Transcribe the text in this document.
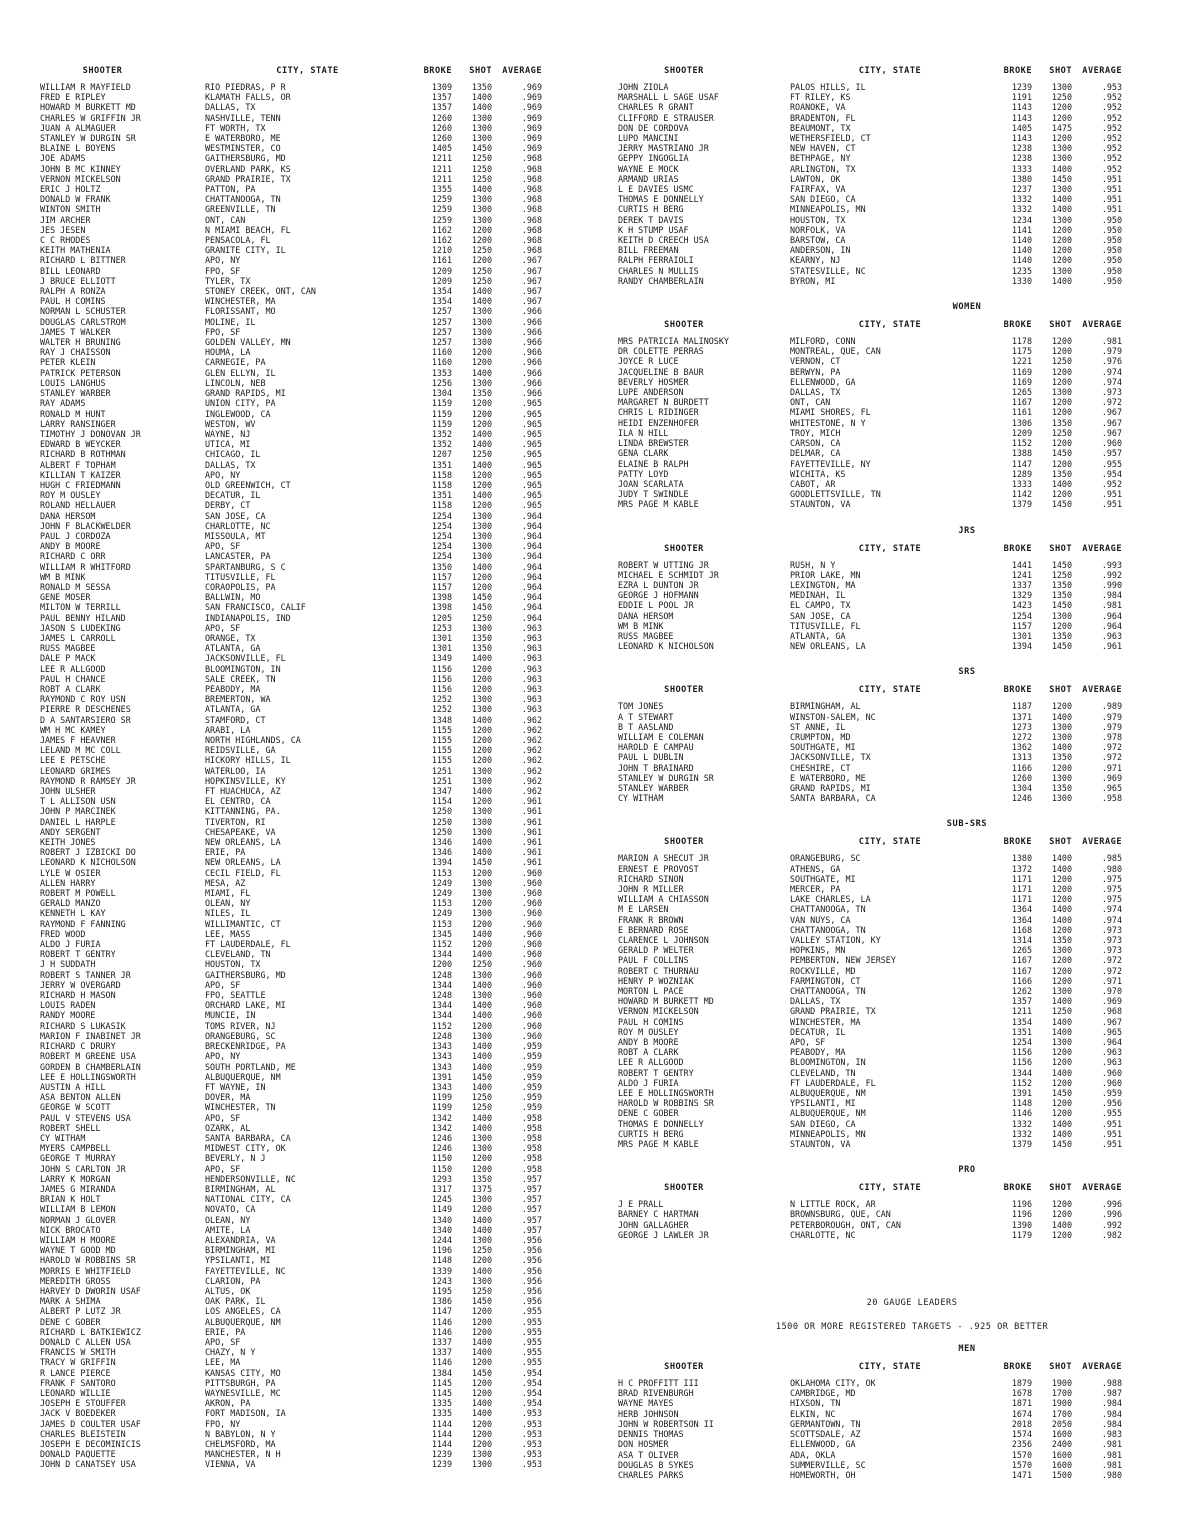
SHOOTER	CITY, STATE	BROKE	SHOT	AVERAGE
WILLIAM R MAYFIELD	RIO PIEDRAS, P R	1309	1350	.969
FRED E RIPLEY	KLAMATH FALLS, OR	1357	1400	.969
HOWARD M BURKETT MD	DALLAS, TX	1357	1400	.969
CHARLES W GRIFFIN JR	NASHVILLE, TENN	1260	1300	.969
JUAN A ALMAGUER	FT WORTH, TX	1260	1300	.969
STANLEY W DURGIN SR	E WATERBORO, ME	1260	1300	.969
BLAINE L BOYENS	WESTMINSTER, CO	1405	1450	.969
JOE ADAMS	GAITHERSBURG, MD	1211	1250	.968
JOHN B MC KINNEY	OVERLAND PARK, KS	1211	1250	.968
VERNON MICKELSON	GRAND PRAIRIE, TX	1211	1250	.968
ERIC J HOLTZ	PATTON, PA	1355	1400	.968
DONALD W FRANK	CHATTANOOGA, TN	1259	1300	.968
WINTON SMITH	GREENVILLE, TN	1259	1300	.968
JIM ARCHER	ONT, CAN	1259	1300	.968
JES JESEN	N MIAMI BEACH, FL	1162	1200	.968
C C RHODES	PENSACOLA, FL	1162	1200	.968
KEITH MATHENIA	GRANITE CITY, IL	1210	1250	.968
RICHARD L BITTNER	APO, NY	1161	1200	.967
BILL LEONARD	FPO, SF	1209	1250	.967
J BRUCE ELLIOTT	TYLER, TX	1209	1250	.967
RALPH A RONZA	STONEY CREEK, ONT, CAN	1354	1400	.967
PAUL H COMINS	WINCHESTER, MA	1354	1400	.967
NORMAN L SCHUSTER	FLORISSANT, MO	1257	1300	.966
DOUGLAS CARLSTROM	MOLINE, IL	1257	1300	.966
JAMES T WALKER	FPO, SF	1257	1300	.966
WALTER H BRUNING	GOLDEN VALLEY, MN	1257	1300	.966
RAY J CHAISSON	HOUMA, LA	1160	1200	.966
PETER KLEIN	CARNEGIE, PA	1160	1200	.966
PATRICK PETERSON	GLEN ELLYN, IL	1353	1400	.966
LOUIS LANGHUS	LINCOLN, NEB	1256	1300	.966
STANLEY WARBER	GRAND RAPIDS, MI	1304	1350	.966
RAY ADAMS	UNION CITY, PA	1159	1200	.965
RONALD M HUNT	INGLEWOOD, CA	1159	1200	.965
LARRY RANSINGER	WESTON, WV	1159	1200	.965
TIMOTHY J DONOVAN JR	WAYNE, NJ	1352	1400	.965
EDWARD B WEYCKER	UTICA, MI	1352	1400	.965
RICHARD B ROTHMAN	CHICAGO, IL	1207	1250	.965
ALBERT F TOPHAM	DALLAS, TX	1351	1400	.965
KILLIAN T KAIZER	APO, NY	1158	1200	.965
HUGH C FRIEDMANN	OLD GREENWICH, CT	1158	1200	.965
ROY M OUSLEY	DECATUR, IL	1351	1400	.965
ROLAND HELLAUER	DERBY, CT	1158	1200	.965
DANA HERSOM	SAN JOSE, CA	1254	1300	.964
JOHN F BLACKWELDER	CHARLOTTE, NC	1254	1300	.964
PAUL J CORDOZA	MISSOULA, MT	1254	1300	.964
ANDY B MOORE	APO, SF	1254	1300	.964
RICHARD C ORR	LANCASTER, PA	1254	1300	.964
WILLIAM R WHITFORD	SPARTANBURG, S C	1350	1400	.964
WM B MINK	TITUSVILLE, FL	1157	1200	.964
RONALD M SESSA	CORAOPOLIS, PA	1157	1200	.964
GENE MOSER	BALLWIN, MO	1398	1450	.964
MILTON W TERRILL	SAN FRANCISCO, CALIF	1398	1450	.964
PAUL BENNY HILAND	INDIANAPOLIS, IND	1205	1250	.964
JASON S LUDEKING	APO, SF	1253	1300	.963
JAMES L CARROLL	ORANGE, TX	1301	1350	.963
RUSS MAGBEE	ATLANTA, GA	1301	1350	.963
DALE P MACK	JACKSONVILLE, FL	1349	1400	.963
LEE R ALLGOOD	BLOOMINGTON, IN	1156	1200	.963
PAUL H CHANCE	SALE CREEK, TN	1156	1200	.963
ROBT A CLARK	PEABODY, MA	1156	1200	.963
RAYMOND C ROY USN	BREMERTON, WA	1252	1300	.963
PIERRE R DESCHENES	ATLANTA, GA	1252	1300	.963
D A SANTARSIERO SR	STAMFORD, CT	1348	1400	.962
WM H MC KAMEY	ARABI, LA	1155	1200	.962
JAMES F HEAVNER	NORTH HIGHLANDS, CA	1155	1200	.962
LELAND M MC COLL	REIDSVILLE, GA	1155	1200	.962
LEE E PETSCHE	HICKORY HILLS, IL	1155	1200	.962
LEONARD GRIMES	WATERLOO, IA	1251	1300	.962
RAYMOND R RAMSEY JR	HOPKINSVILLE, KY	1251	1300	.962
JOHN ULSHER	FT HUACHUCA, AZ	1347	1400	.962
T L ALLISON USN	EL CENTRO, CA	1154	1200	.961
JOHN P MARCINEK	KITTANNING, PA.	1250	1300	.961
DANIEL L HARPLE	TIVERTON, RI	1250	1300	.961
ANDY SERGENT	CHESAPEAKE, VA	1250	1300	.961
KEITH JONES	NEW ORLEANS, LA	1346	1400	.961
ROBERT J IZBICKI DO	ERIE, PA	1346	1400	.961
LEONARD K NICHOLSON	NEW ORLEANS, LA	1394	1450	.961
LYLE W OSIER	CECIL FIELD, FL	1153	1200	.960
ALLEN HARRY	MESA, AZ	1249	1300	.960
ROBERT M POWELL	MIAMI, FL	1249	1300	.960
GERALD MANZO	OLEAN, NY	1153	1200	.960
KENNETH L KAY	NILES, IL	1249	1300	.960
RAYMOND F FANNING	WILLIMANTIC, CT	1153	1200	.960
FRED WOOD	LEE, MASS	1345	1400	.960
ALDO J FURIA	FT LAUDERDALE, FL	1152	1200	.960
ROBERT T GENTRY	CLEVELAND, TN	1344	1400	.960
J H SUDDATH	HOUSTON, TX	1200	1250	.960
ROBERT S TANNER JR	GAITHERSBURG, MD	1248	1300	.960
JERRY W OVERGARD	APO, SF	1344	1400	.960
RICHARD H MASON	FPO, SEATTLE	1248	1300	.960
LOUIS RADEN	ORCHARD LAKE, MI	1344	1400	.960
RANDY MOORE	MUNCIE, IN	1344	1400	.960
RICHARD S LUKASIK	TOMS RIVER, NJ	1152	1200	.960
MARION F INABINET JR	ORANGEBURG, SC	1248	1300	.960
RICHARD C DRURY	BRECKENRIDGE, PA	1343	1400	.959
ROBERT M GREENE USA	APO, NY	1343	1400	.959
GORDEN B CHAMBERLAIN	SOUTH PORTLAND, ME	1343	1400	.959
LEE E HOLLINGSWORTH	ALBUQUERQUE, NM	1391	1450	.959
AUSTIN A HILL	FT WAYNE, IN	1343	1400	.959
ASA BENTON ALLEN	DOVER, MA	1199	1250	.959
GEORGE W SCOTT	WINCHESTER, TN	1199	1250	.959
PAUL V STEVENS USA	APO, SF	1342	1400	.958
ROBERT SHELL	OZARK, AL	1342	1400	.958
CY WITHAM	SANTA BARBARA, CA	1246	1300	.958
MYERS CAMPBELL	MIDWEST CITY, OK	1246	1300	.958
GEORGE T MURRAY	BEVERLY, N J	1150	1200	.958
JOHN S CARLTON JR	APO, SF	1150	1200	.958
LARRY K MORGAN	HENDERSONVILLE, NC	1293	1350	.957
JAMES G MIRANDA	BIRMINGHAM, AL	1317	1375	.957
BRIAN K HOLT	NATIONAL CITY, CA	1245	1300	.957
WILLIAM B LEMON	NOVATO, CA	1149	1200	.957
NORMAN J GLOVER	OLEAN, NY	1340	1400	.957
NICK BROCATO	AMITE, LA	1340	1400	.957
WILLIAM H MOORE	ALEXANDRIA, VA	1244	1300	.956
WAYNE T GOOD MD	BIRMINGHAM, MI	1196	1250	.956
HAROLD W ROBBINS SR	YPSILANTI, MI	1148	1200	.956
MORRIS E WHITFIELD	FAYETTEVILLE, NC	1339	1400	.956
MEREDITH GROSS	CLARION, PA	1243	1300	.956
HARVEY D DWORIN USAF	ALTUS, OK	1195	1250	.956
MARK A SHIMA	OAK PARK, IL	1386	1450	.956
ALBERT P LUTZ JR	LOS ANGELES, CA	1147	1200	.955
DENE C GOBER	ALBUQUERQUE, NM	1146	1200	.955
RICHARD L BATKIEWICZ	ERIE, PA	1146	1200	.955
DONALD C ALLEN USA	APO, SF	1337	1400	.955
FRANCIS W SMITH	CHAZY, N Y	1337	1400	.955
TRACY W GRIFFIN	LEE, MA	1146	1200	.955
R LANCE PIERCE	KANSAS CITY, MO	1384	1450	.954
FRANK F SANTORO	PITTSBURGH, PA	1145	1200	.954
LEONARD WILLIE	WAYNESVILLE, MC	1145	1200	.954
JOSEPH E STOUFFER	AKRON, PA	1335	1400	.954
JACK V BOEDEKER	FORT MADISON, IA	1335	1400	.953
JAMES D COULTER USAF	FPO, NY	1144	1200	.953
CHARLES BLEISTEIN	N BABYLON, N Y	1144	1200	.953
JOSEPH E DECOMINICIS	CHELMSFORD, MA	1144	1200	.953
DONALD PAQUETTE	MANCHESTER, N H	1239	1300	.953
JOHN D CANATSEY USA	VIENNA, VA	1239	1300	.953
SHOOTER	CITY, STATE	BROKE	SHOT	AVERAGE
JOHN ZIOLA	PALOS HILLS, IL	1239	1300	.953
MARSHALL L SAGE USAF	FT RILEY, KS	1191	1250	.952
CHARLES R GRANT	ROANOKE, VA	1143	1200	.952
CLIFFORD E STRAUSER	BRADENTON, FL	1143	1200	.952
DON DE CORDOVA	BEAUMONT, TX	1405	1475	.952
LUPO MANCINI	WETHERSFIELD, CT	1143	1200	.952
JERRY MASTRIANO JR	NEW HAVEN, CT	1238	1300	.952
GEPPY INGOGLIA	BETHPAGE, NY	1238	1300	.952
WAYNE E MOCK	ARLINGTON, TX	1333	1400	.952
ARMAND URIAS	LAWTON, OK	1380	1450	.951
L E DAVIES USMC	FAIRFAX, VA	1237	1300	.951
THOMAS E DONNELLY	SAN DIEGO, CA	1332	1400	.951
CURTIS H BERG	MINNEAPOLIS, MN	1332	1400	.951
DEREK T DAVIS	HOUSTON, TX	1234	1300	.950
K H STUMP USAF	NORFOLK, VA	1141	1200	.950
KEITH D CREECH USA	BARSTOW, CA	1140	1200	.950
BILL FREEMAN	ANDERSON, IN	1140	1200	.950
RALPH FERRAIOLI	KEARNY, NJ	1140	1200	.950
CHARLES N MULLIS	STATESVILLE, NC	1235	1300	.950
RANDY CHAMBERLAIN	BYRON, MI	1330	1400	.950
WOMEN
SHOOTER	CITY, STATE	BROKE	SHOT	AVERAGE
MRS PATRICIA MALINOSKY	MILFORD, CONN	1178	1200	.981
DR COLETTE PERRAS	MONTREAL, QUE, CAN	1175	1200	.979
JOYCE R LUCE	VERNON, CT	1221	1250	.976
JACQUELINE B BAUR	BERWYN, PA	1169	1200	.974
BEVERLY HOSMER	ELLENWOOD, GA	1169	1200	.974
LUPE ANDERSON	DALLAS, TX	1265	1300	.973
MARGARET N BURDETT	ONT, CAN	1167	1200	.972
CHRIS L RIDINGER	MIAMI SHORES, FL	1161	1200	.967
HEIDI ENZENHOFER	WHITESTONE, N Y	1306	1350	.967
ILA N HILL	TROY, MICH	1209	1250	.967
LINDA BREWSTER	CARSON, CA	1152	1200	.960
GENA CLARK	DELMAR, CA	1388	1450	.957
ELAINE B RALPH	FAYETTEVILLE, NY	1147	1200	.955
PATTY LOYD	WICHITA, KS	1289	1350	.954
JOAN SCARLATA	CABOT, AR	1333	1400	.952
JUDY T SWINDLE	GOODLETTSVILLE, TN	1142	1200	.951
MRS PAGE M KABLE	STAUNTON, VA	1379	1450	.951
JRS
SHOOTER	CITY, STATE	BROKE	SHOT	AVERAGE
ROBERT W UTTING JR	RUSH, N Y	1441	1450	.993
MICHAEL E SCHMIDT JR	PRIOR LAKE, MN	1241	1250	.992
EZRA L DUNTON JR	LEXINGTON, MA	1337	1350	.990
GEORGE J HOFMANN	MEDINAH, IL	1329	1350	.984
EDDIE L POOL JR	EL CAMPO, TX	1423	1450	.981
DANA HERSOM	SAN JOSE, CA	1254	1300	.964
WM B MINK	TITUSVILLE, FL	1157	1200	.964
RUSS MAGBEE	ATLANTA, GA	1301	1350	.963
LEONARD K NICHOLSON	NEW ORLEANS, LA	1394	1450	.961
SRS
SHOOTER	CITY, STATE	BROKE	SHOT	AVERAGE
TOM JONES	BIRMINGHAM, AL	1187	1200	.989
A T STEWART	WINSTON-SALEM, NC	1371	1400	.979
B T AASLAND	ST ANNE, IL	1273	1300	.979
WILLIAM E COLEMAN	CRUMPTON, MD	1272	1300	.978
HAROLD E CAMPAU	SOUTHGATE, MI	1362	1400	.972
PAUL L DUBLIN	JACKSONVILLE, TX	1313	1350	.972
JOHN T BRAINARD	CHESHIRE, CT	1166	1200	.971
STANLEY W DURGIN SR	E WATERBORO, ME	1260	1300	.969
STANLEY WARBER	GRAND RAPIDS, MI	1304	1350	.965
CY WITHAM	SANTA BARBARA, CA	1246	1300	.958
SUB-SRS
SHOOTER	CITY, STATE	BROKE	SHOT	AVERAGE
MARION A SHECUT JR	ORANGEBURG, SC	1380	1400	.985
ERNEST E PROVOST	ATHENS, GA	1372	1400	.980
RICHARD SINON	SOUTHGATE, MI	1171	1200	.975
JOHN R MILLER	MERCER, PA	1171	1200	.975
WILLIAM A CHIASSON	LAKE CHARLES, LA	1171	1200	.975
M E LARSEN	CHATTANOOGA, TN	1364	1400	.974
FRANK R BROWN	VAN NUYS, CA	1364	1400	.974
E BERNARD ROSE	CHATTANOOGA, TN	1168	1200	.973
CLARENCE L JOHNSON	VALLEY STATION, KY	1314	1350	.973
GERALD P WELTER	HOPKINS, MN	1265	1300	.973
PAUL F COLLINS	PEMBERTON, NEW JERSEY	1167	1200	.972
ROBERT C THURNAU	ROCKVILLE, MD	1167	1200	.972
HENRY P WOZNIAK	FARMINGTON, CT	1166	1200	.971
MORTON L PACE	CHATTANOOGA, TN	1262	1300	.970
HOWARD M BURKETT MD	DALLAS, TX	1357	1400	.969
VERNON MICKELSON	GRAND PRAIRIE, TX	1211	1250	.968
PAUL H COMINS	WINCHESTER, MA	1354	1400	.967
ROY M OUSLEY	DECATUR, IL	1351	1400	.965
ANDY B MOORE	APO, SF	1254	1300	.964
ROBT A CLARK	PEABODY, MA	1156	1200	.963
LEE R ALLGOOD	BLOOMINGTON, IN	1156	1200	.963
ROBERT T GENTRY	CLEVELAND, TN	1344	1400	.960
ALDO J FURIA	FT LAUDERDALE, FL	1152	1200	.960
LEE E HOLLINGSWORTH	ALBUQUERQUE, NM	1391	1450	.959
HAROLD W ROBBINS SR	YPSILANTI, MI	1148	1200	.956
DENE C GOBER	ALBUQUERQUE, NM	1146	1200	.955
THOMAS E DONNELLY	SAN DIEGO, CA	1332	1400	.951
CURTIS H BERG	MINNEAPOLIS, MN	1332	1400	.951
MRS PAGE M KABLE	STAUNTON, VA	1379	1450	.951
PRO
SHOOTER	CITY, STATE	BROKE	SHOT	AVERAGE
J E PRALL	N LITTLE ROCK, AR	1196	1200	.996
BARNEY C HARTMAN	BROWNSBURG, QUE, CAN	1196	1200	.996
JOHN GALLAGHER	PETERBOROUGH, ONT, CAN	1390	1400	.992
GEORGE J LAWLER JR	CHARLOTTE, NC	1179	1200	.982
20 GAUGE LEADERS
1500 OR MORE REGISTERED TARGETS - .925 OR BETTER
MEN
SHOOTER	CITY, STATE	BROKE	SHOT	AVERAGE
H C PROFFITT III	OKLAHOMA CITY, OK	1879	1900	.988
BRAD RIVENBURGH	CAMBRIDGE, MD	1678	1700	.987
WAYNE MAYES	HIXSON, TN	1871	1900	.984
HERB JOHNSON	ELKIN, NC	1674	1700	.984
JOHN W ROBERTSON II	GERMANTOWN, TN	2018	2050	.984
DENNIS THOMAS	SCOTTSDALE, AZ	1574	1600	.983
DON HOSMER	ELLENWOOD, GA	2356	2400	.981
ASA T OLIVER	ADA, OKLA	1570	1600	.981
DOUGLAS B SYKES	SUMMERVILLE, SC	1570	1600	.981
CHARLES PARKS	HOMEWORTH, OH	1471	1500	.980
